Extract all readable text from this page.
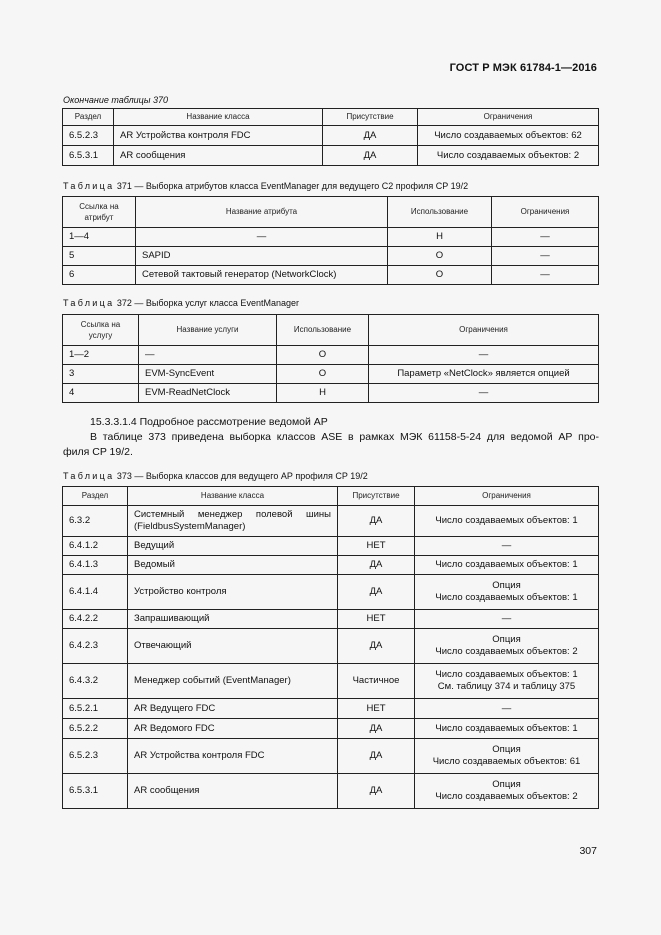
ГОСТ Р МЭК 61784-1—2016
Окончание таблицы 370
Раздел	Название класса	Присутствие	Ограничения
6.5.2.3	AR Устройства контроля FDC	ДА	Число создаваемых объектов: 62
6.5.3.1	AR сообщения	ДА	Число создаваемых объектов: 2
Таблица 371 — Выборка атрибутов класса EventManager для ведущего C2 профиля CP 19/2
Ссылка на атрибут	Название атрибута	Использование	Ограничения
1—4	—	Н	—
5	SAPID	О	—
6	Сетевой тактовый генератор (NetworkClock)	О	—
Таблица 372 — Выборка услуг класса EventManager
Ссылка на услугу	Название услуги	Использование	Ограничения
1—2	—	О	—
3	EVM-SyncEvent	О	Параметр «NetClock» является опцией
4	EVM-ReadNetClock	Н	—
15.3.3.1.4 Подробное рассмотрение ведомой АР
В таблице 373 приведена выборка классов ASE в рамках МЭК 61158-5-24 для ведомой АР про-
филя CP 19/2.
Таблица 373 — Выборка классов для ведущего АР профиля CP 19/2
Раздел	Название класса	Присутствие	Ограничения
6.3.2	Системный менеджер полевой шины
(FieldbusSystemManager)	ДА	Число создаваемых объектов: 1
6.4.1.2	Ведущий	НЕТ	—
6.4.1.3	Ведомый	ДА	Число создаваемых объектов: 1
6.4.1.4	Устройство контроля	ДА	Опция
Число создаваемых объектов: 1

6.4.2.2	Запрашивающий	НЕТ	—
6.4.2.3	Отвечающий	ДА	Опция
Число создаваемых объектов: 2

6.4.3.2	Менеджер событий (EventManager)	Частичное	Число создаваемых объектов: 1
См. таблицу 374 и таблицу 375

6.5.2.1	AR Ведущего FDC	НЕТ	—
6.5.2.2	AR Ведомого FDC	ДА	Число создаваемых объектов: 1
6.5.2.3	AR Устройства контроля FDC	ДА	Опция
Число создаваемых объектов: 61

6.5.3.1	AR сообщения	ДА	Опция
Число создаваемых объектов: 2
307
